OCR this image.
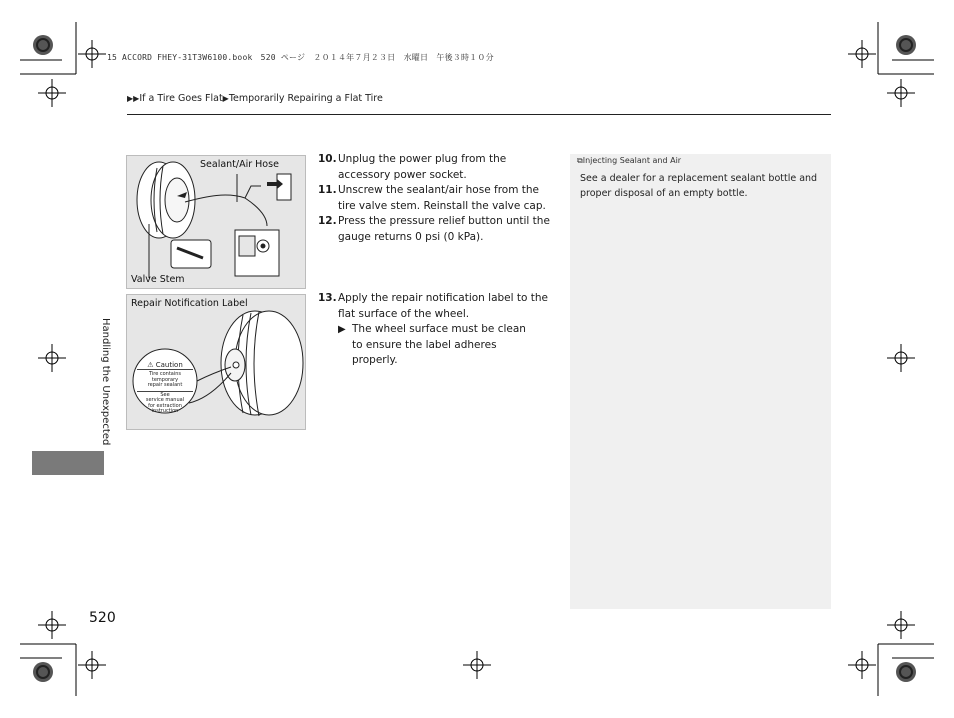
15 ACCORD FHEY-31T3W6100.book　520 ページ　２０１４年７月２３日　水曜日　午後３時１０分
▶▶If a Tire Goes Flat▶Temporarily Repairing a Flat Tire
Sealant/Air Hose
Valve Stem
Repair Notification Label
⚠ Caution
Tire contains temporary
repair sealant
See
service manual
for extraction
instruction
10. Unplug the power plug from the accessory power socket.
11. Unscrew the sealant/air hose from the tire valve stem. Reinstall the valve cap.
12. Press the pressure relief button until the gauge returns 0 psi (0 kPa).
13. Apply the repair notification label to the flat surface of the wheel.
▶ The wheel surface must be clean to ensure the label adheres properly.
⧉Injecting Sealant and Air
See a dealer for a replacement sealant bottle and proper disposal of an empty bottle.
Handling the Unexpected
520
